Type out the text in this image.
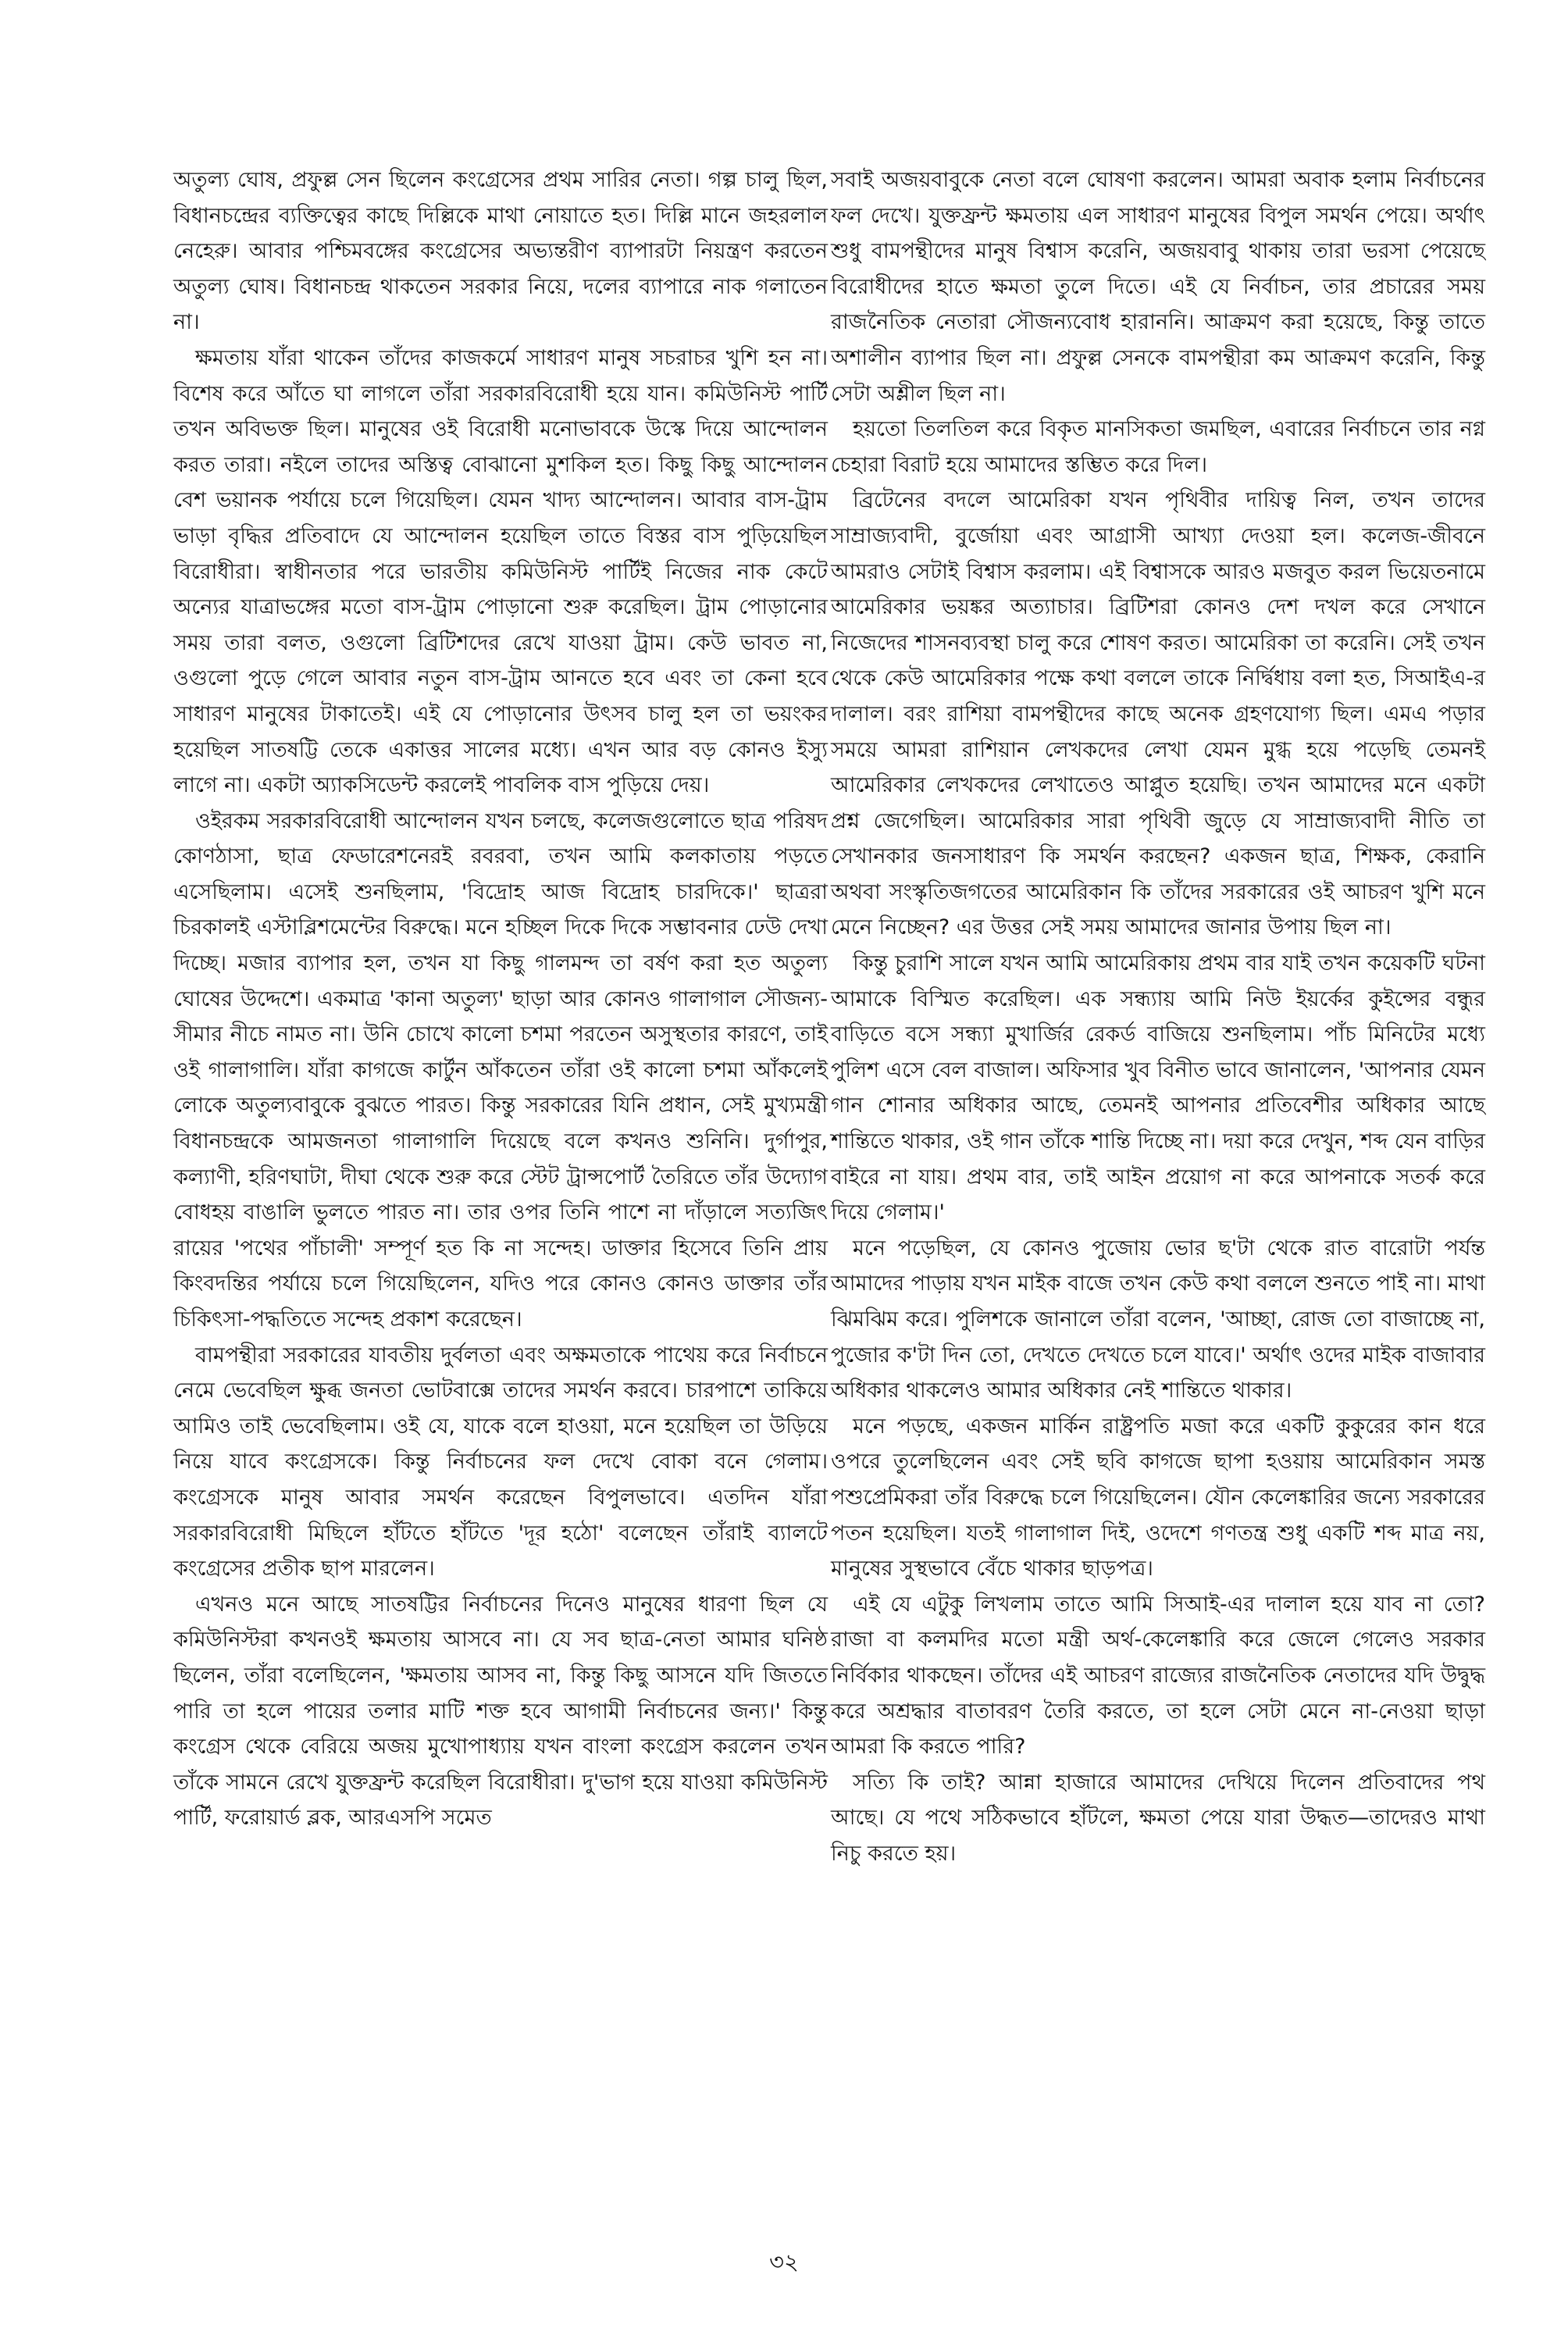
অতুল্য ঘোষ, প্রফুল্ল সেন ছিলেন কংগ্রেসের প্রথম সারির নেতা। গল্প চালু ছিল, বিধানচন্দ্রের ব্যক্তিত্বের কাছে দিল্লিকে মাথা নোয়াতে হত। দিল্লি মানে জহরলাল নেহেরু। আবার পশ্চিমবঙ্গের কংগ্রেসের অভ্যন্তরীণ ব্যাপারটা নিয়ন্ত্রণ করতেন অতুল্য ঘোষ। বিধানচন্দ্র থাকতেন সরকার নিয়ে, দলের ব্যাপারে নাক গলাতেন না।

ক্ষমতায় যাঁরা থাকেন তাঁদের কাজকর্মে সাধারণ মানুষ সচরাচর খুশি হন না। বিশেষ করে আঁতে ঘা লাগলে তাঁরা সরকারবিরোধী হয়ে যান। কমিউনিস্ট পার্টি তখন অবিভক্ত ছিল। মানুষের ওই বিরোধী মনোভাবকে উস্কে দিয়ে আন্দোলন করত তারা। নইলে তাদের অস্তিত্ব বোঝানো মুশকিল হত। কিছু কিছু আন্দোলন বেশ ভয়ানক পর্যায়ে চলে গিয়েছিল। যেমন খাদ্য আন্দোলন। আবার বাস-ট্রাম ভাড়া বৃদ্ধির প্রতিবাদে যে আন্দোলন হয়েছিল তাতে বিস্তর বাস পুড়িয়েছিল বিরোধীরা। স্বাধীনতার পরে ভারতীয় কমিউনিস্ট পার্টিই নিজের নাক কেটে অন্যের যাত্রাভঙ্গের মতো বাস-ট্রাম পোড়ানো শুরু করেছিল। ট্রাম পোড়ানোর সময় তারা বলত, ওগুলো ব্রিটিশদের রেখে যাওয়া ট্রাম। কেউ ভাবত না, ওগুলো পুড়ে গেলে আবার নতুন বাস-ট্রাম আনতে হবে এবং তা কেনা হবে সাধারণ মানুষের টাকাতেই। এই যে পোড়ানোর উৎসব চালু হল তা ভয়ংকর হয়েছিল সাতষট্টি তেকে একাত্তর সালের মধ্যে। এখন আর বড় কোনও ইস্যু লাগে না। একটা অ্যাকসিডেন্ট করলেই পাবলিক বাস পুড়িয়ে দেয়।

ওইরকম সরকারবিরোধী আন্দোলন যখন চলছে, কলেজগুলোতে ছাত্র পরিষদ কোণঠাসা, ছাত্র ফেডারেশনেরই রবরবা, তখন আমি কলকাতায় পড়তে এসেছিলাম। এসেই শুনছিলাম, 'বিদ্রোহ আজ বিদ্রোহ চারদিকে।' ছাত্ররা চিরকালই এস্টাব্লিশমেন্টের বিরুদ্ধে। মনে হচ্ছিল দিকে দিকে সম্ভাবনার ঢেউ দেখা দিচ্ছে। মজার ব্যাপার হল, তখন যা কিছু গালমন্দ তা বর্ষণ করা হত অতুল্য ঘোষের উদ্দেশে। একমাত্র 'কানা অতুল্য' ছাড়া আর কোনও গালাগাল সৌজন্য-সীমার নীচে নামত না। উনি চোখে কালো চশমা পরতেন অসুস্থতার কারণে, তাই ওই গালাগালি। যাঁরা কাগজে কার্টুন আঁকতেন তাঁরা ওই কালো চশমা আঁকলেই লোকে অতুল্যবাবুকে বুঝতে পারত। কিন্তু সরকারের যিনি প্রধান, সেই মুখ্যমন্ত্রী বিধানচন্দ্রকে আমজনতা গালাগালি দিয়েছে বলে কখনও শুনিনি। দুর্গাপুর, কল্যাণী, হরিণঘাটা, দীঘা থেকে শুরু করে স্টেট ট্রান্সপোর্ট তৈরিতে তাঁর উদ্যোগ বোধহয় বাঙালি ভুলতে পারত না। তার ওপর তিনি পাশে না দাঁড়ালে সত্যজিৎ রায়ের 'পথের পাঁচালী' সম্পূর্ণ হত কি না সন্দেহ। ডাক্তার হিসেবে তিনি প্রায় কিংবদন্তির পর্যায়ে চলে গিয়েছিলেন, যদিও পরে কোনও কোনও ডাক্তার তাঁর চিকিৎসা-পদ্ধতিতে সন্দেহ প্রকাশ করেছেন।

বামপন্থীরা সরকারের যাবতীয় দুর্বলতা এবং অক্ষমতাকে পাথেয় করে নির্বাচনে নেমে ভেবেছিল ক্ষুব্ধ জনতা ভোটবাক্সে তাদের সমর্থন করবে। চারপাশে তাকিয়ে আমিও তাই ভেবেছিলাম। ওই যে, যাকে বলে হাওয়া, মনে হয়েছিল তা উড়িয়ে নিয়ে যাবে কংগ্রেসকে। কিন্তু নির্বাচনের ফল দেখে বোকা বনে গেলাম। কংগ্রেসকে মানুষ আবার সমর্থন করেছেন বিপুলভাবে। এতদিন যাঁরা সরকারবিরোধী মিছিলে হাঁটতে হাঁটতে 'দূর হঠো' বলেছেন তাঁরাই ব্যালটে কংগ্রেসের প্রতীক ছাপ মারলেন।

এখনও মনে আছে সাতষট্টির নির্বাচনের দিনেও মানুষের ধারণা ছিল যে কমিউনিস্টরা কখনওই ক্ষমতায় আসবে না। যে সব ছাত্র-নেতা আমার ঘনিষ্ঠ ছিলেন, তাঁরা বলেছিলেন, 'ক্ষমতায় আসব না, কিন্তু কিছু আসনে যদি জিততে পারি তা হলে পায়ের তলার মাটি শক্ত হবে আগামী নির্বাচনের জন্য।' কিন্তু কংগ্রেস থেকে বেরিয়ে অজয় মুখোপাধ্যায় যখন বাংলা কংগ্রেস করলেন তখন তাঁকে সামনে রেখে যুক্তফ্রন্ট করেছিল বিরোধীরা। দু'ভাগ হয়ে যাওয়া কমিউনিস্ট পার্টি, ফরোয়ার্ড ব্লক, আরএসপি সমেত

সবাই অজয়বাবুকে নেতা বলে ঘোষণা করলেন। আমরা অবাক হলাম নির্বাচনের ফল দেখে। যুক্তফ্রন্ট ক্ষমতায় এল সাধারণ মানুষের বিপুল সমর্থন পেয়ে। অর্থাৎ শুধু বামপন্থীদের মানুষ বিশ্বাস করেনি, অজয়বাবু থাকায় তারা ভরসা পেয়েছে বিরোধীদের হাতে ক্ষমতা তুলে দিতে। এই যে নির্বাচন, তার প্রচারের সময় রাজনৈতিক নেতারা সৌজন্যবোধ হারাননি। আক্রমণ করা হয়েছে, কিন্তু তাতে অশালীন ব্যাপার ছিল না। প্রফুল্ল সেনকে বামপন্থীরা কম আক্রমণ করেনি, কিন্তু সেটা অশ্লীল ছিল না।

হয়তো তিলতিল করে বিকৃত মানসিকতা জমছিল, এবারের নির্বাচনে তার নগ্ন চেহারা বিরাট হয়ে আমাদের স্তম্ভিত করে দিল।

ব্রিটেনের বদলে আমেরিকা যখন পৃথিবীর দায়িত্ব নিল, তখন তাদের সাম্রাজ্যবাদী, বুর্জোয়া এবং আগ্রাসী আখ্যা দেওয়া হল। কলেজ-জীবনে আমরাও সেটাই বিশ্বাস করলাম। এই বিশ্বাসকে আরও মজবুত করল ভিয়েতনামে আমেরিকার ভয়ঙ্কর অত্যাচার। ব্রিটিশরা কোনও দেশ দখল করে সেখানে নিজেদের শাসনব্যবস্থা চালু করে শোষণ করত। আমেরিকা তা করেনি। সেই তখন থেকে কেউ আমেরিকার পক্ষে কথা বললে তাকে নির্দ্বিধায় বলা হত, সিআইএ-র দালাল। বরং রাশিয়া বামপন্থীদের কাছে অনেক গ্রহণযোগ্য ছিল। এমএ পড়ার সময়ে আমরা রাশিয়ান লেখকদের লেখা যেমন মুগ্ধ হয়ে পড়েছি তেমনই আমেরিকার লেখকদের লেখাতেও আপ্লুত হয়েছি। তখন আমাদের মনে একটা প্রশ্ন জেগেছিল। আমেরিকার সারা পৃথিবী জুড়ে যে সাম্রাজ্যবাদী নীতি তা সেখানকার জনসাধারণ কি সমর্থন করছেন? একজন ছাত্র, শিক্ষক, কেরানি অথবা সংস্কৃতিজগতের আমেরিকান কি তাঁদের সরকারের ওই আচরণ খুশি মনে মেনে নিচ্ছেন? এর উত্তর সেই সময় আমাদের জানার উপায় ছিল না।

কিন্তু চুরাশি সালে যখন আমি আমেরিকায় প্রথম বার যাই তখন কয়েকটি ঘটনা আমাকে বিস্মিত করেছিল। এক সন্ধ্যায় আমি নিউ ইয়র্কের কুইন্সের বন্ধুর বাড়িতে বসে সন্ধ্যা মুখার্জির রেকর্ড বাজিয়ে শুনছিলাম। পাঁচ মিনিটের মধ্যে পুলিশ এসে বেল বাজাল। অফিসার খুব বিনীত ভাবে জানালেন, 'আপনার যেমন গান শোনার অধিকার আছে, তেমনই আপনার প্রতিবেশীর অধিকার আছে শান্তিতে থাকার, ওই গান তাঁকে শান্তি দিচ্ছে না। দয়া করে দেখুন, শব্দ যেন বাড়ির বাইরে না যায়। প্রথম বার, তাই আইন প্রয়োগ না করে আপনাকে সতর্ক করে দিয়ে গেলাম।'

মনে পড়েছিল, যে কোনও পুজোয় ভোর ছ'টা থেকে রাত বারোটা পর্যন্ত আমাদের পাড়ায় যখন মাইক বাজে তখন কেউ কথা বললে শুনতে পাই না। মাথা ঝিমঝিম করে। পুলিশকে জানালে তাঁরা বলেন, 'আচ্ছা, রোজ তো বাজাচ্ছে না, পুজোর ক'টা দিন তো, দেখতে দেখতে চলে যাবে।' অর্থাৎ ওদের মাইক বাজাবার অধিকার থাকলেও আমার অধিকার নেই শান্তিতে থাকার।

মনে পড়ছে, একজন মার্কিন রাষ্ট্রপতি মজা করে একটি কুকুরের কান ধরে ওপরে তুলেছিলেন এবং সেই ছবি কাগজে ছাপা হওয়ায় আমেরিকান সমস্ত পশুপ্রেমিকরা তাঁর বিরুদ্ধে চলে গিয়েছিলেন। যৌন কেলেঙ্কারির জন্যে সরকারের পতন হয়েছিল। যতই গালাগাল দিই, ওদেশে গণতন্ত্র শুধু একটি শব্দ মাত্র নয়, মানুষের সুস্থভাবে বেঁচে থাকার ছাড়পত্র।

এই যে এটুকু লিখলাম তাতে আমি সিআই-এর দালাল হয়ে যাব না তো? রাজা বা কলমদির মতো মন্ত্রী অর্থ-কেলেঙ্কারি করে জেলে গেলেও সরকার নির্বিকার থাকছেন। তাঁদের এই আচরণ রাজ্যের রাজনৈতিক নেতাদের যদি উদ্বুদ্ধ করে অশ্রদ্ধার বাতাবরণ তৈরি করতে, তা হলে সেটা মেনে না-নেওয়া ছাড়া আমরা কি করতে পারি?

সত্যি কি তাই? আন্না হাজারে আমাদের দেখিয়ে দিলেন প্রতিবাদের পথ আছে। যে পথে সঠিকভাবে হাঁটলে, ক্ষমতা পেয়ে যারা উদ্ধত—তাদেরও মাথা নিচু করতে হয়।

৩২
